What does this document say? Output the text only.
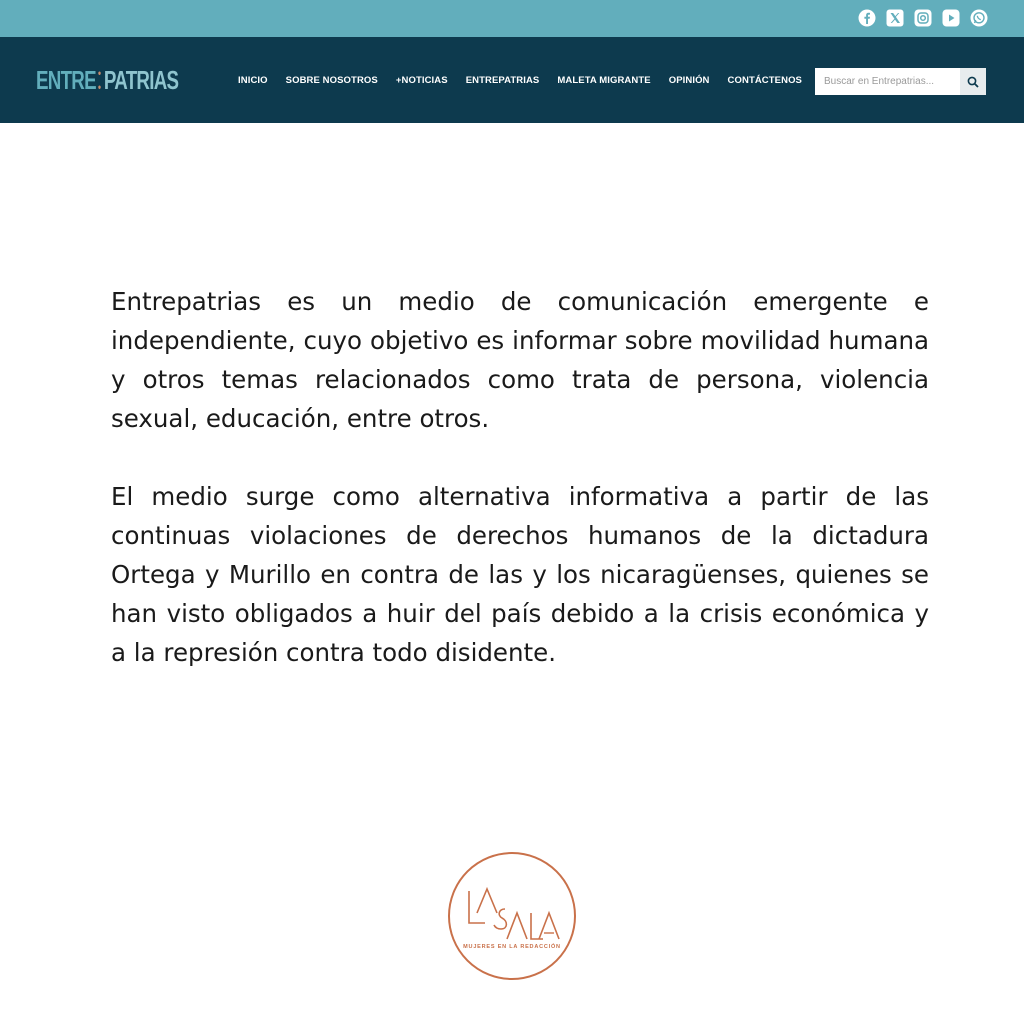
ENTRE • • PATRIAS	INICIO SOBRE NOSOTROS +NOTICIAS ENTREPATRIAS MALETA MIGRANTE OPINIÓN CONTÁCTENOS
Buscar en Entrepatrias...

Entrepatrias es un medio de comunicación emergente e independiente, cuyo objetivo es informar sobre movilidad humana y otros temas relacionados como trata de persona, violencia sexual, educación, entre otros.

El medio surge como alternativa informativa a partir de las continuas violaciones de derechos humanos de la dictadura Ortega y Murillo en contra de las y los nicaragüenses, quienes se han visto obligados a huir del país debido a la crisis económica y a la represión contra todo disidente.

MUJERES EN LA REDACCIÓN
